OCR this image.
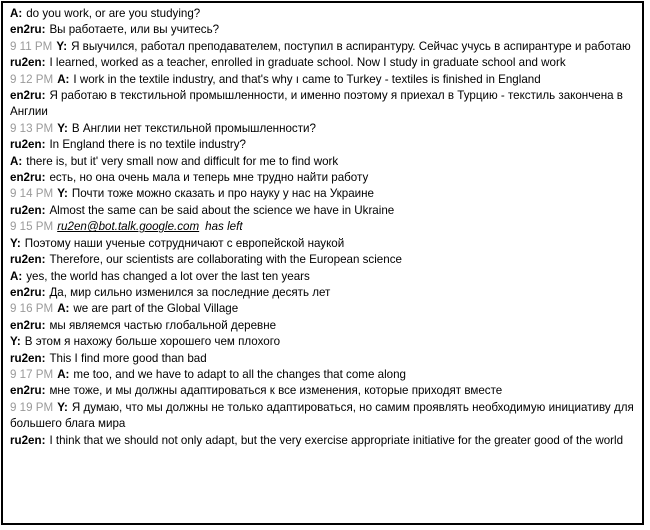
A: do you work, or are you studying?

en2ru: Вы работаете, или вы учитесь?

9 11 PM Y: Я выучился, работал преподавателем, поступил в аспирантуру. Сейчас учусь в аспирантуре и работаю

ru2en: I learned, worked as a teacher, enrolled in graduate school. Now I study in graduate school and work

9 12 PM A: I work in the textile industry, and that's why ı came to Turkey - textiles is finished in England

en2ru: Я работаю в текстильной промышленности, и именно поэтому я приехал в Турцию - текстиль закончена в Англии

9 13 PM Y: В Англии нет текстильной промышленности?

ru2en: In England there is no textile industry?

A: there is, but it' very small now and difficult for me to find work

en2ru: есть, но она очень мала и теперь мне трудно найти работу

9 14 PM Y: Почти тоже можно сказать и про науку у нас на Украине

ru2en: Almost the same can be said about the science we have in Ukraine

9 15 PM ru2en@bot.talk.google.com has left

Y: Поэтому наши ученые сотрудничают с европейской наукой

ru2en: Therefore, our scientists are collaborating with the European science

A: yes, the world has changed a lot over the last ten years

en2ru: Да, мир сильно изменился за последние десять лет

9 16 PM A: we are part of the Global Village

en2ru: мы являемся частью глобальной деревне

Y: В этом я нахожу больше хорошего чем плохого

ru2en: This I find more good than bad

9 17 PM A: me too, and we have to adapt to all the changes that come along

en2ru: мне тоже, и мы должны адаптироваться к все изменения, которые приходят вместе

9 19 PM Y: Я думаю, что мы должны не только адаптироваться, но самим проявлять необходимую инициативу для большего блага мира

ru2en: I think that we should not only adapt, but the very exercise appropriate initiative for the greater good of the world
